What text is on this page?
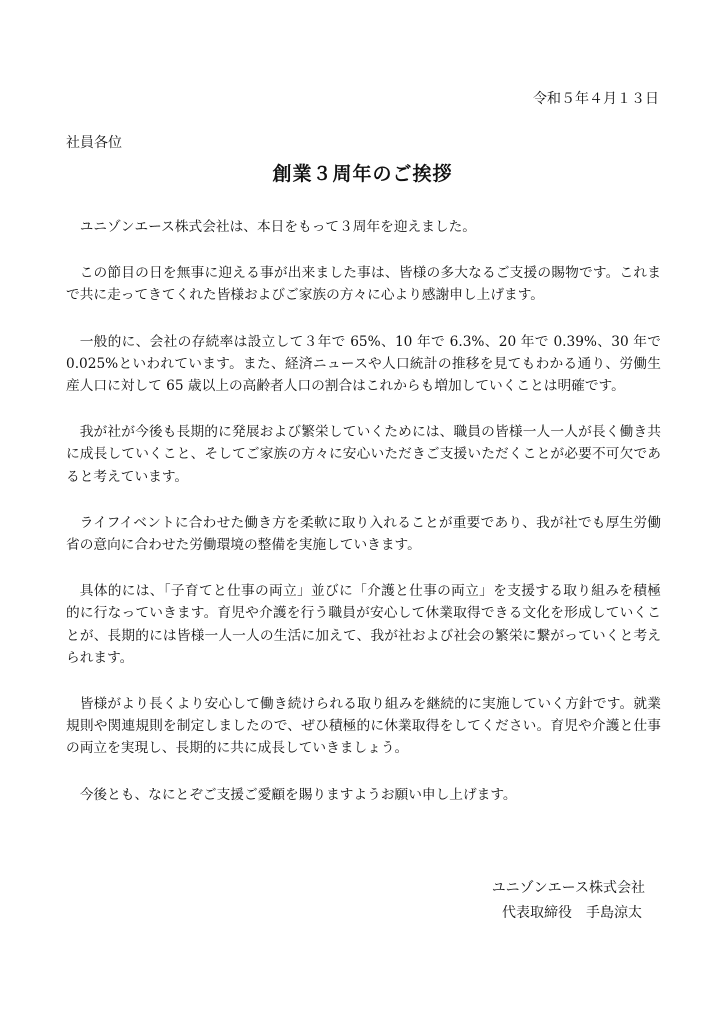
令和５年４月１３日
社員各位
創業３周年のご挨拶

ユニゾンエース株式会社は、本日をもって３周年を迎えました。

この節目の日を無事に迎える事が出来ました事は、皆様の多大なるご支援の賜物です。これまで共に走ってきてくれた皆様およびご家族の方々に心より感謝申し上げます。

一般的に、会社の存続率は設立して３年で 65%、10 年で 6.3%、20 年で 0.39%、30 年で 0.025%といわれています。また、経済ニュースや人口統計の推移を見てもわかる通り、労働生産人口に対して 65 歳以上の高齢者人口の割合はこれからも増加していくことは明確です。

我が社が今後も長期的に発展および繁栄していくためには、職員の皆様一人一人が長く働き共に成長していくこと、そしてご家族の方々に安心いただきご支援いただくことが必要不可欠であると考えています。

ライフイベントに合わせた働き方を柔軟に取り入れることが重要であり、我が社でも厚生労働省の意向に合わせた労働環境の整備を実施していきます。

具体的には、「子育てと仕事の両立」並びに「介護と仕事の両立」を支援する取り組みを積極的に行なっていきます。育児や介護を行う職員が安心して休業取得できる文化を形成していくことが、長期的には皆様一人一人の生活に加えて、我が社および社会の繁栄に繋がっていくと考えられます。

皆様がより長くより安心して働き続けられる取り組みを継続的に実施していく方針です。就業規則や関連規則を制定しましたので、ぜひ積極的に休業取得をしてください。育児や介護と仕事の両立を実現し、長期的に共に成長していきましょう。

今後とも、なにとぞご支援ご愛顧を賜りますようお願い申し上げます。

ユニゾンエース株式会社
代表取締役　手島涼太
